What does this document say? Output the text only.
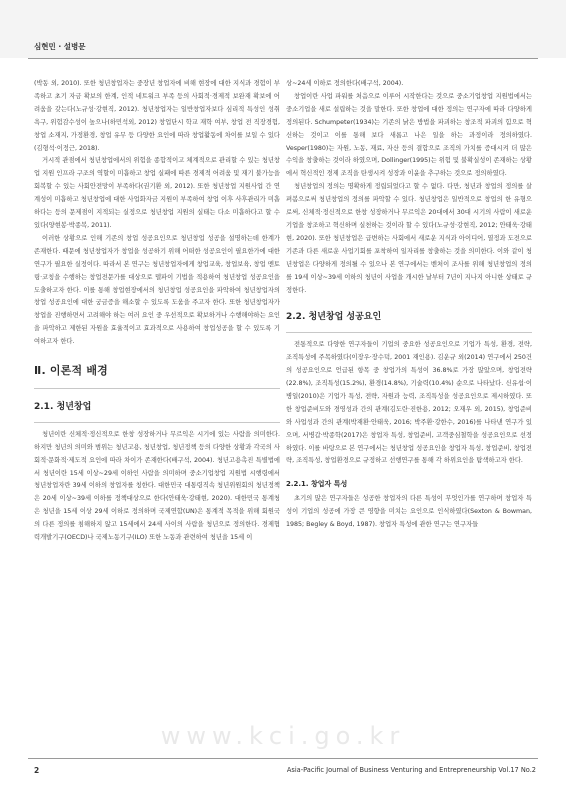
심현민 · 설병문

(박동 외, 2010). 또한 청년창업자는 중장년 창업자에 비해 현장에 대한 지식과 경험이 부족하고 초기 자금 확보의 한계, 인적 네트워크 부족 등의 사회적·경제적 보완재 확보에 어려움을 갖는다(노규성·강현직, 2012). 청년창업자는 일반창업자보다 심리적 특성인 성취욕구, 위험감수성이 높으나(하민석외, 2012) 창업단시 학교 재학 여부, 창업 전 직장경험, 창업 소재지, 가정환경, 창업 유무 등 다양한 요인에 따라 창업활동에 차이를 보일 수 있다(김형석·이정근, 2018).

거시적 관점에서 청년창업에서의 위험을 종합적이고 체계적으로 관리할 수 있는 청년창업 지원 인프라 구조의 역할이 미흡하고 창업 실패에 따른 경제적 어려움 및 재기 불가능을 회복할 수 있는 사회안전망이 부족하다(권기환 외, 2012). 또한 청년창업 지원사업 간 연계성이 미흡하고 청년창업에 대한 사업화자금 지원이 부족하여 창업 이후 사후관리가 미흡하다는 등의 문제점이 지적되는 실정으로 청년창업 지원의 실태는 다소 미흡하다고 할 수 있다(양현봉·박종복, 2011).

이러한 상황으로 인해 기존의 창업 성공요인으로 청년창업 성공을 설명하는데 한계가 존재한다. 때문에 청년창업자가 창업을 성공하기 위해 어떠한 성공요인이 필요한가에 대한 연구가 필요한 실정이다. 따라서 본 연구는 청년창업자에게 창업교육, 창업보육, 창업 멘토링·코칭을 수행하는 창업전문가를 대상으로 델파이 기법을 적용하여 청년창업 성공요인을 도출하고자 한다. 이를 통해 창업현장에서의 청년창업 성공요인을 파악하여 청년창업자의 창업 성공요인에 대한 궁금증을 해소할 수 있도록 도움을 주고자 한다. 또한 청년창업자가 창업을 진행하면서 고려해야 하는 여러 요인 중 우선적으로 확보하거나 수행해야하는 요인을 파악하고 제한된 자원을 효율적이고 효과적으로 사용하여 창업성공을 할 수 있도록 기여하고자 한다.

Ⅱ. 이론적 배경
2.1. 청년창업

청년이란 신체적·정신적으로 한창 성장하거나 무르익은 시기에 있는 사람을 의미한다. 하지만 청년의 의미와 범위는 청년고용, 청년창업, 청년정책 등의 다양한 상황과 각국의 사회적·문화적·제도적 요인에 따라 차이가 존재한다(배구석, 2004). 청년고용촉진 특별법에서 청년이란 15세 이상~29세 이하인 사람을 의미하며 중소기업창업 지원법 시행령에서 청년창업자란 39세 이하의 창업자를 칭한다. 대한민국 대통령직속 청년위원회의 청년정책은 20세 이상~39세 이하를 정책대상으로 한다(안태욱·강태현, 2020). 대한민국 통계청은 청년을 15세 이상 29세 이하로 정의하며 국제연합(UN)은 통계적 목적을 위해 회원국의 다른 정의를 침해하지 않고 15세에서 24세 사이의 사람을 청년으로 정의한다. 경제협력개발기구(OECD)나 국제노동기구(ILO) 또한 노동과 관련하여 청년을 15세 이

상~24세 이하로 정의한다(배구석, 2004).

창업이란 사업 파워를 처음으로 이루어 시작한다는 것으로 중소기업창업 지원법에서는 중소기업을 새로 설립하는 것을 말한다. 또한 창업에 대한 정의는 연구자에 따라 다양하게 정의된다. Schumpeter(1934)는 기존의 낡은 방법을 파괴하는 창조적 파괴의 힘으로 혁신하는 것이고 이를 통해 보다 새롭고 나은 일을 하는 과정이라 정의하였다. Vesper(1980)는 자원, 노동, 재료, 자산 등의 결합으로 조직의 가치를 증대시켜 더 많은 수익을 창출하는 것이라 하였으며, Dollinger(1995)는 위험 및 불확실성이 존재하는 상황에서 혁신적인 경제 조직을 탄생시켜 성장과 이윤을 추구하는 것으로 정의하였다.

청년창업의 정의는 명확하게 정립되었다고 할 수 없다. 다만, 청년과 창업의 정의를 살펴봄으로써 청년창업의 정의를 파악할 수 있다. 청년창업은 일반적으로 창업의 한 유형으로써, 신체적·정신적으로 한창 성장하거나 무르익은 20대에서 30대 시기의 사람이 새로운 기업을 창조하고 혁신하며 실천하는 것이라 할 수 있다(노규성·강현직, 2012; 안태욱·강태현, 2020). 또한 청년창업은 급변하는 사회에서 새로운 지식과 아이디어, 열정과 도전으로 기존과 다른 새로운 사업기회를 포착하여 일자리를 창출하는 것을 의미한다. 이와 같이 청년창업은 다양하게 정의될 수 있으나 본 연구에서는 벤처이 조사를 위해 청년창업의 정의를 19세 이상~39세 이하의 청년이 사업을 개시한 날부터 7년이 지나지 아니한 상태로 규정한다.

2.2. 청년창업 성공요인

전통적으로 다양한 연구자들이 기업의 중요한 성공요인으로 기업가 특성, 환경, 전략, 조직특성에 주목하였다(이장우·장수덕, 2001 재인용). 김운규 외(2014) 연구에서 250건의 성공요인으로 언급된 항목 중 창업가의 특성이 36.8%로 가장 많았으며, 창업전략(22.8%), 조직특성(15.2%), 환경(14.8%), 기술력(10.4%) 순으로 나타났다. 신유섭·이병일(2010)은 기업가 특성, 전략, 자원과 능력, 조직특성을 성공요인으로 제시하였다. 또한 창업준비도와 경영성과 간의 관계(김도란·진한용, 2012; 오재우 외, 2015), 창업준비와 사업성과 간의 관계(박재환·안태욱, 2016; 박주환·강한수, 2016)를 나타낸 연구가 있으며, 서병갑·박종학(2017)은 창업자 특성, 창업준비, 고객중심철학을 성공요인으로 선정하였다. 이를 바탕으로 본 연구에서는 청년창업 성공요인을 창업자 특성, 창업준비, 창업전략, 조직특성, 창업환경으로 규정하고 선행연구를 통해 각 하위요인을 탐색하고자 한다.

2.2.1. 창업자 특성

초기의 많은 연구자들은 성공한 창업자의 다른 특성이 무엇인가를 연구하며 창업자 특성이 기업의 성공에 가장 큰 영향을 미치는 요인으로 인식하였다(Sexton & Bowman, 1985; Begley & Boyd, 1987). 창업자 특성에 관한 연구는 연구자들

www.kci.go.kr
2	Asia-Pacific Journal of Business Venturing and Entrepreneurship Vol.17 No.2
